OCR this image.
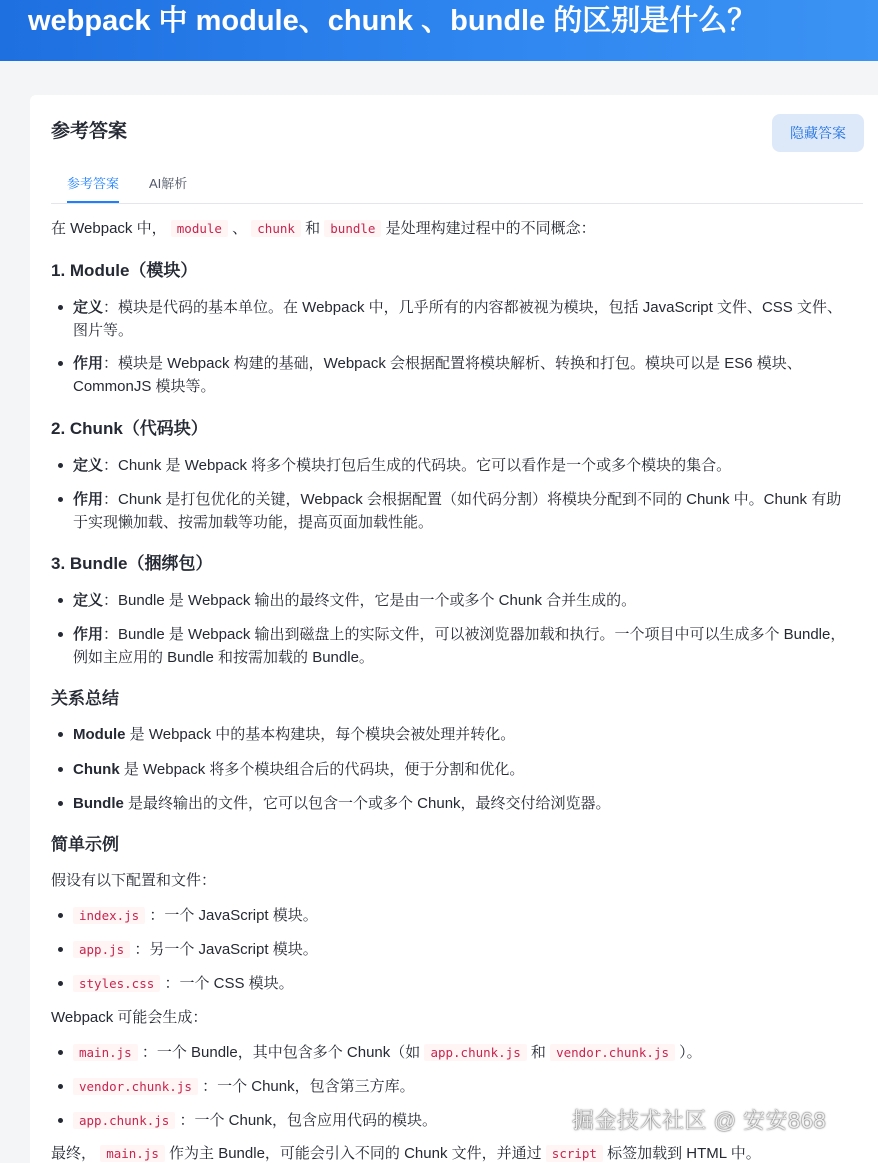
webpack 中 module、chunk 、bundle 的区别是什么？
参考答案	隐藏答案
参考答案 AI解析
在 Webpack 中， module 、 chunk 和 bundle 是处理构建过程中的不同概念：
1. Module（模块）
定义：模块是代码的基本单位。在 Webpack 中，几乎所有的内容都被视为模块，包括 JavaScript 文件、CSS 文件、
图片等。
作用：模块是 Webpack 构建的基础，Webpack 会根据配置将模块解析、转换和打包。模块可以是 ES6 模块、
CommonJS 模块等。
2. Chunk（代码块）
定义：Chunk 是 Webpack 将多个模块打包后生成的代码块。它可以看作是一个或多个模块的集合。
作用：Chunk 是打包优化的关键，Webpack 会根据配置（如代码分割）将模块分配到不同的 Chunk 中。Chunk 有助
于实现懒加载、按需加载等功能，提高页面加载性能。
3. Bundle（捆绑包）
定义：Bundle 是 Webpack 输出的最终文件，它是由一个或多个 Chunk 合并生成的。
作用：Bundle 是 Webpack 输出到磁盘上的实际文件，可以被浏览器加载和执行。一个项目中可以生成多个 Bundle，
例如主应用的 Bundle 和按需加载的 Bundle。
关系总结
Module 是 Webpack 中的基本构建块，每个模块会被处理并转化。
Chunk 是 Webpack 将多个模块组合后的代码块，便于分割和优化。
Bundle 是最终输出的文件，它可以包含一个或多个 Chunk，最终交付给浏览器。
简单示例
假设有以下配置和文件：
index.js ：一个 JavaScript 模块。
app.js ：另一个 JavaScript 模块。
styles.css ：一个 CSS 模块。
Webpack 可能会生成：
main.js ：一个 Bundle，其中包含多个 Chunk（如 app.chunk.js 和 vendor.chunk.js ）。
vendor.chunk.js ：一个 Chunk，包含第三方库。
app.chunk.js ：一个 Chunk，包含应用代码的模块。
最终， main.js 作为主 Bundle，可能会引入不同的 Chunk 文件，并通过 script 标签加载到 HTML 中。
掘金技术社区 @ 安安868
